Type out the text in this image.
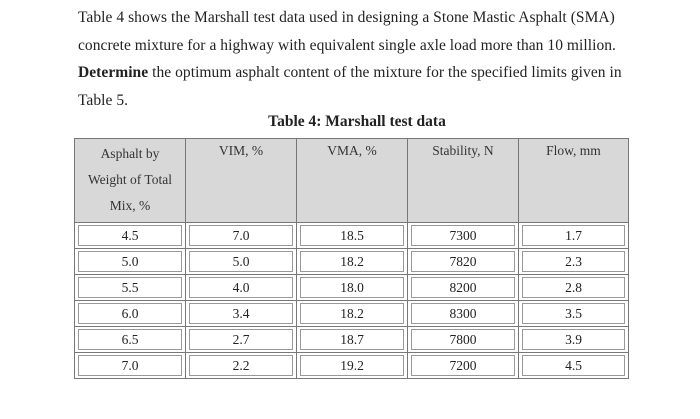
Table 4 shows the Marshall test data used in designing a Stone Mastic Asphalt (SMA)
concrete mixture for a highway with equivalent single axle load more than 10 million.
Determine the optimum asphalt content of the mixture for the specified limits given in
Table 5.
Table 4: Marshall test data
Asphalt by
Weight of Total
Mix, %	VIM, %	VMA, %	Stability, N	Flow, mm

4.5	7.0	18.5	7300	1.7

5.0	5.0	18.2	7820	2.3

5.5	4.0	18.0	8200	2.8

6.0	3.4	18.2	8300	3.5

6.5	2.7	18.7	7800	3.9

7.0	2.2	19.2	7200	4.5
